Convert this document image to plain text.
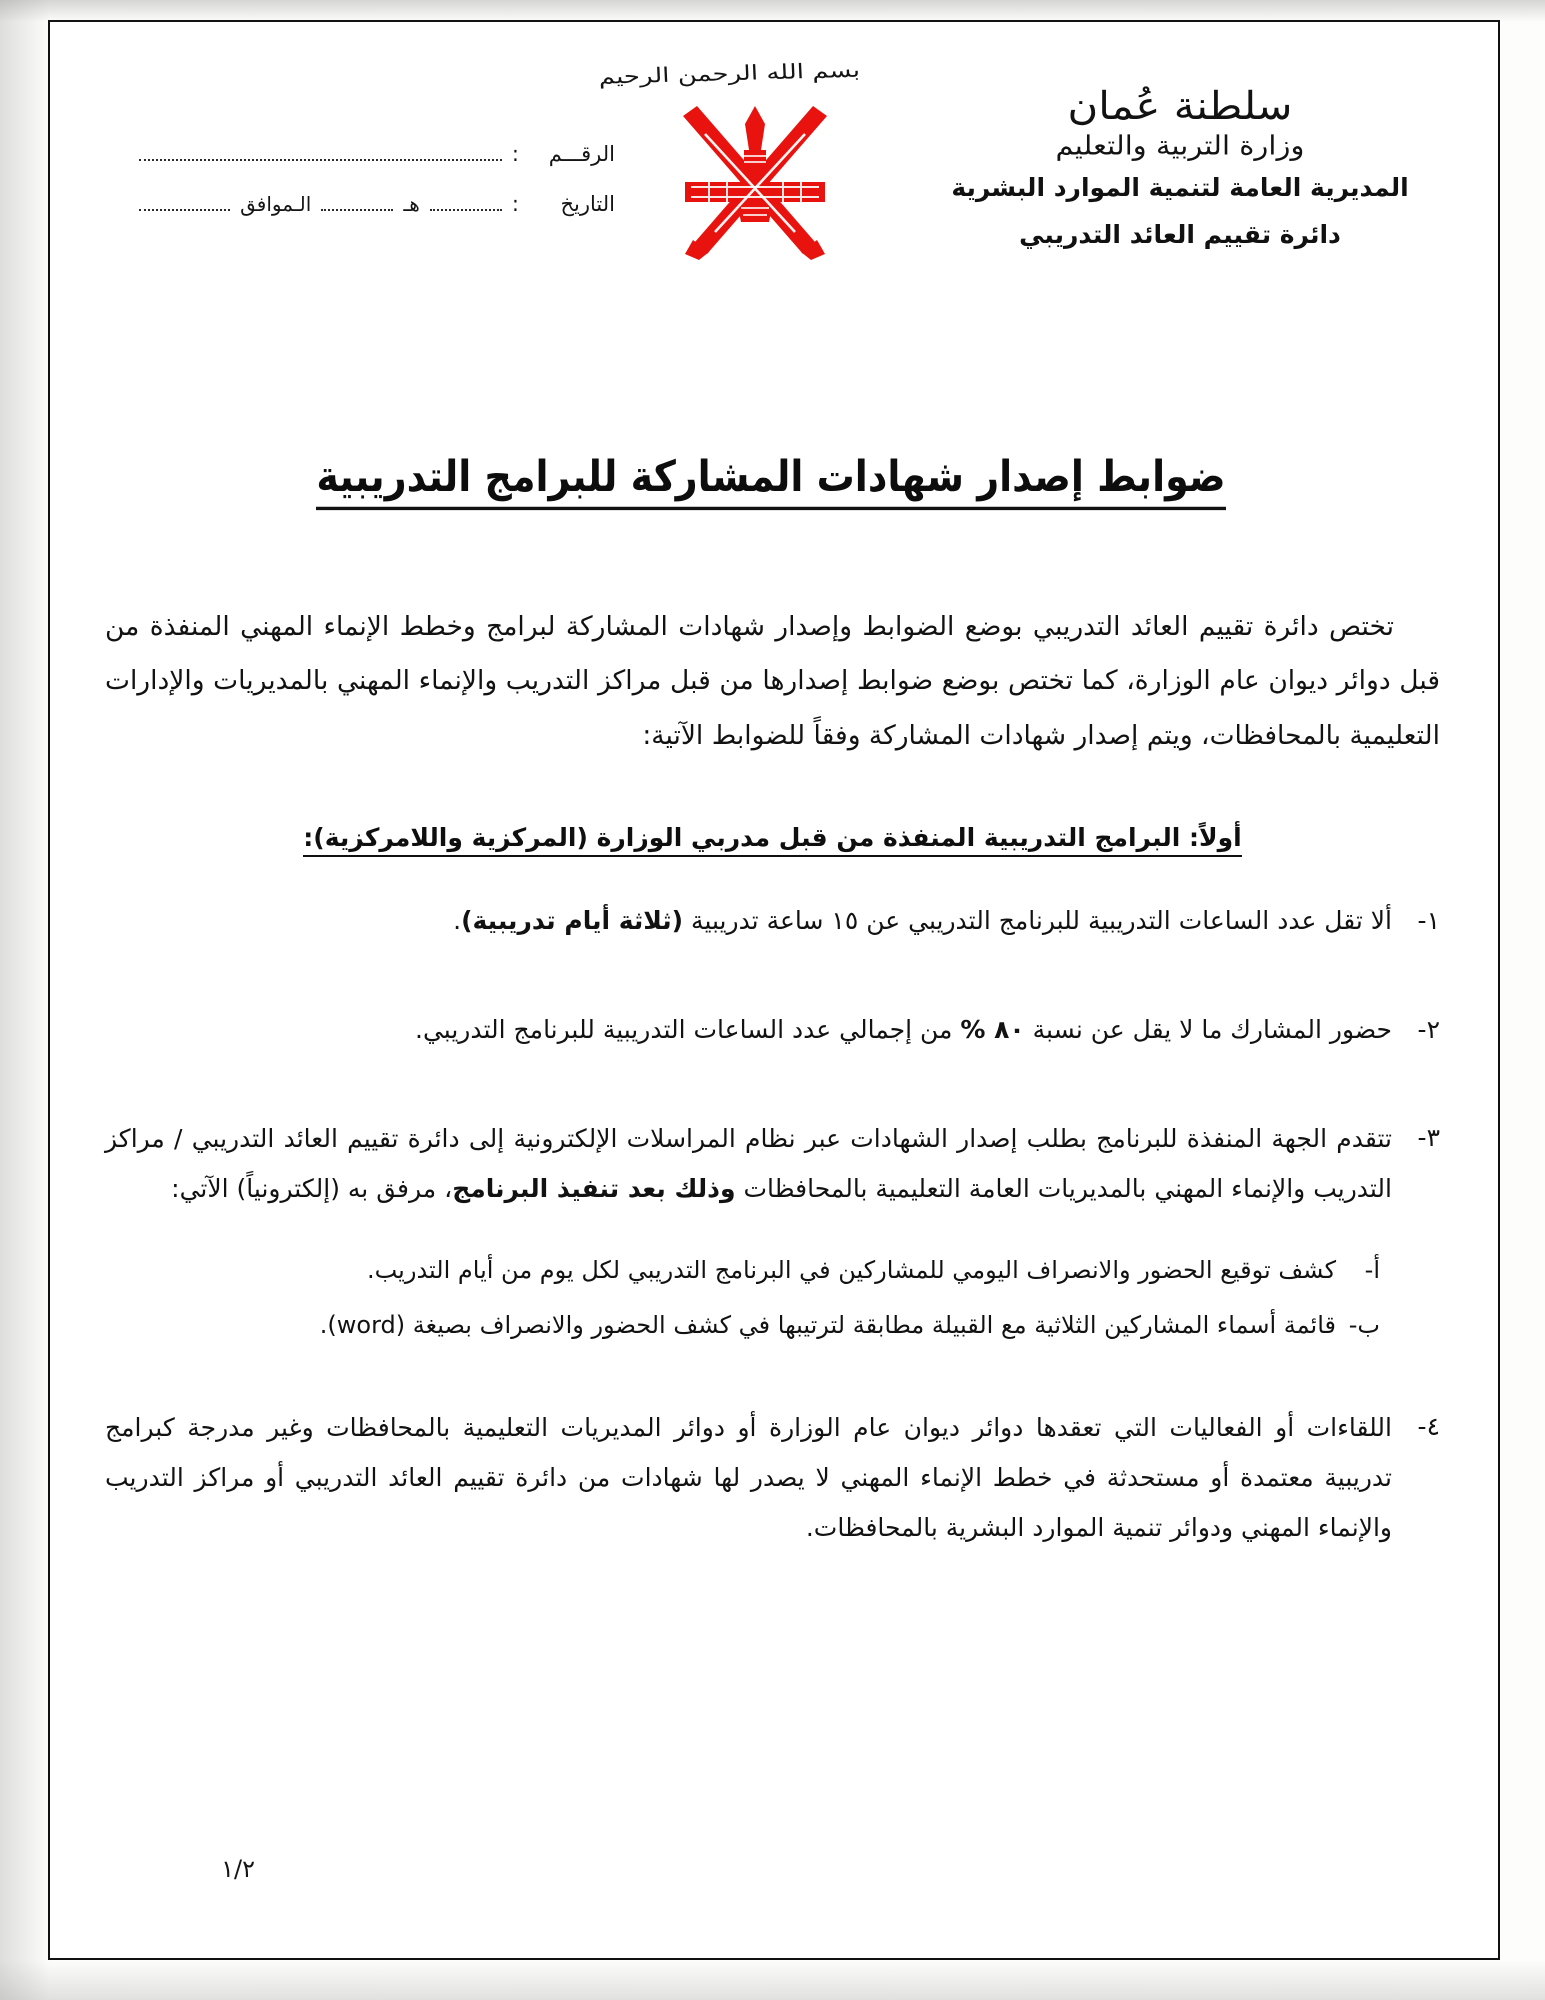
بسم الله الرحمن الرحيم
سلطنة عُمان
وزارة التربية والتعليم
المديرية العامة لتنمية الموارد البشرية
دائرة تقييم العائد التدريبي
الرقـــم
:
التاريخ
:
هـ
الـموافق
ضوابط إصدار شهادات المشاركة للبرامج التدريبية

تختص دائرة تقييم العائد التدريبي بوضع الضوابط وإصدار شهادات المشاركة لبرامج وخطط الإنماء المهني المنفذة من قبل دوائر ديوان عام الوزارة، كما تختص بوضع ضوابط إصدارها من قبل مراكز التدريب والإنماء المهني بالمديريات والإدارات التعليمية بالمحافظات، ويتم إصدار شهادات المشاركة وفقاً للضوابط الآتية:

أولاً: البرامج التدريبية المنفذة من قبل مدربي الوزارة (المركزية واللامركزية):
١-
ألا تقل عدد الساعات التدريبية للبرنامج التدريبي عن ١٥ ساعة تدريبية (ثلاثة أيام تدريبية).
٢-
حضور المشارك ما لا يقل عن نسبة ٨٠ % من إجمالي عدد الساعات التدريبية للبرنامج التدريبي.
٣-
تتقدم الجهة المنفذة للبرنامج بطلب إصدار الشهادات عبر نظام المراسلات الإلكترونية إلى دائرة تقييم العائد التدريبي / مراكز التدريب والإنماء المهني بالمديريات العامة التعليمية بالمحافظات وذلك بعد تنفيذ البرنامج، مرفق به (إلكترونياً) الآتي:
أ-
كشف توقيع الحضور والانصراف اليومي للمشاركين في البرنامج التدريبي لكل يوم من أيام التدريب.
ب-
قائمة أسماء المشاركين الثلاثية مع القبيلة مطابقة لترتيبها في كشف الحضور والانصراف بصيغة (word).
٤-
اللقاءات أو الفعاليات التي تعقدها دوائر ديوان عام الوزارة أو دوائر المديريات التعليمية بالمحافظات وغير مدرجة كبرامج تدريبية معتمدة أو مستحدثة في خطط الإنماء المهني لا يصدر لها شهادات من دائرة تقييم العائد التدريبي أو مراكز التدريب والإنماء المهني ودوائر تنمية الموارد البشرية بالمحافظات.
١/٢
